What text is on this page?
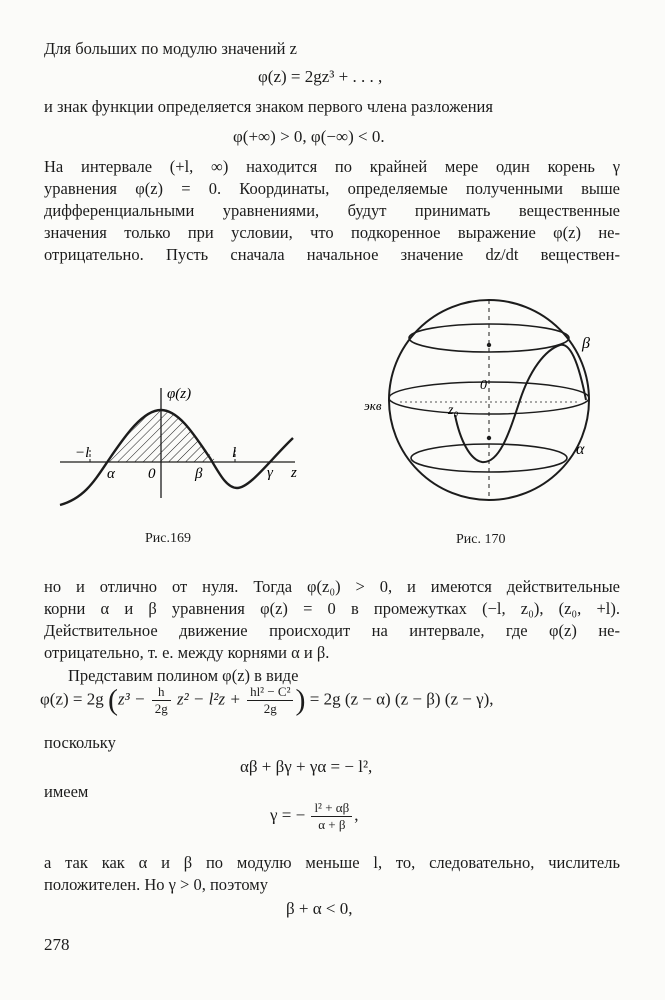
Для больших по модулю значений z

φ(z) = 2gz³ + . . . ,

и знак функции определяется знаком первого члена разложения

φ(+∞) > 0, φ(−∞) < 0.

На интервале (+l, ∞) находится по крайней мере один корень γ

уравнения φ(z) = 0. Координаты, определяемые полученными выше

дифференциальными уравнениями, будут принимать вещественные

значения только при условии, что подкоренное выражение φ(z) не-

отрицательно. Пусть сначала начальное значение dz/dt веществен-

φ(z)
−l
α 0	β
l
γ z
Рис.169
β
0
экв	z₀
α
Рис. 170

но и отлично от нуля. Тогда φ(z₀) > 0, и имеются действительные

корни α и β уравнения φ(z) = 0 в промежутках (−l, z₀), (z₀, +l).

Действительное движение происходит на интервале, где φ(z) не-

отрицательно, т. е. между корнями α и β.

Представим полином φ(z) в виде

φ(z) = 2g ($z^3 - \frac{h}{2g} z^2 - l^2z + \frac{\text{hl² − C²}}{2g}$ ) = 2g (z − α) (z − β) (z − γ),

поскольку

αβ + βγ + γα = − l²,

имеем

γ = − $\frac{\text{l² + αβ}}{\alpha + \beta}$ ,

а так как α и β по модулю меньше l, то, следовательно, числитель

положителен. Но γ > 0, поэтому

β + α < 0,

278
